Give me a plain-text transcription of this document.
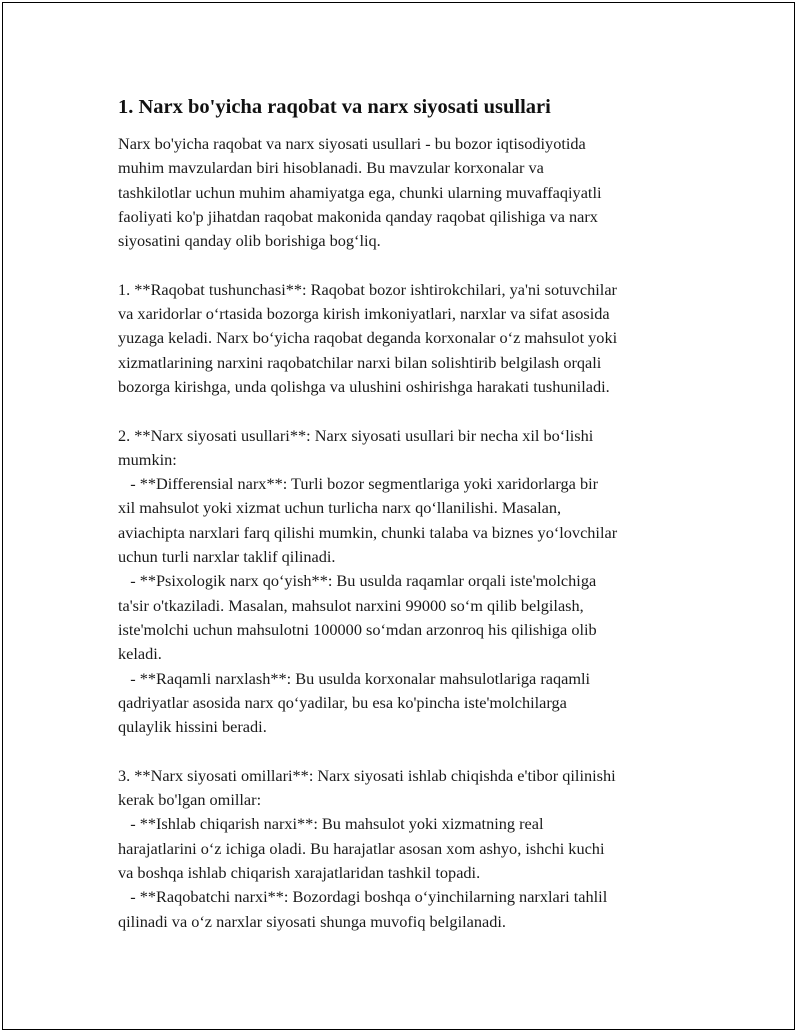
1. Narx bo'yicha raqobat va narx siyosati usullari
Narx bo'yicha raqobat va narx siyosati usullari - bu bozor iqtisodiyotida
muhim mavzulardan biri hisoblanadi. Bu mavzular korxonalar va
tashkilotlar uchun muhim ahamiyatga ega, chunki ularning muvaffaqiyatli
faoliyati ko'p jihatdan raqobat makonida qanday raqobat qilishiga va narx
siyosatini qanday olib borishiga bog‘liq.
1. **Raqobat tushunchasi**: Raqobat bozor ishtirokchilari, ya'ni sotuvchilar
va xaridorlar o‘rtasida bozorga kirish imkoniyatlari, narxlar va sifat asosida
yuzaga keladi. Narx bo‘yicha raqobat deganda korxonalar o‘z mahsulot yoki
xizmatlarining narxini raqobatchilar narxi bilan solishtirib belgilash orqali
bozorga kirishga, unda qolishga va ulushini oshirishga harakati tushuniladi.
2. **Narx siyosati usullari**: Narx siyosati usullari bir necha xil bo‘lishi
mumkin:
- **Differensial narx**: Turli bozor segmentlariga yoki xaridorlarga bir
xil mahsulot yoki xizmat uchun turlicha narx qo‘llanilishi. Masalan,
aviachipta narxlari farq qilishi mumkin, chunki talaba va biznes yo‘lovchilar
uchun turli narxlar taklif qilinadi.
- **Psixologik narx qo‘yish**: Bu usulda raqamlar orqali iste'molchiga
ta'sir o'tkaziladi. Masalan, mahsulot narxini 99000 so‘m qilib belgilash,
iste'molchi uchun mahsulotni 100000 so‘mdan arzonroq his qilishiga olib
keladi.
- **Raqamli narxlash**: Bu usulda korxonalar mahsulotlariga raqamli
qadriyatlar asosida narx qo‘yadilar, bu esa ko'pincha iste'molchilarga
qulaylik hissini beradi.
3. **Narx siyosati omillari**: Narx siyosati ishlab chiqishda e'tibor qilinishi
kerak bo'lgan omillar:
- **Ishlab chiqarish narxi**: Bu mahsulot yoki xizmatning real
harajatlarini o‘z ichiga oladi. Bu harajatlar asosan xom ashyo, ishchi kuchi
va boshqa ishlab chiqarish xarajatlaridan tashkil topadi.
- **Raqobatchi narxi**: Bozordagi boshqa o‘yinchilarning narxlari tahlil
qilinadi va o‘z narxlar siyosati shunga muvofiq belgilanadi.
